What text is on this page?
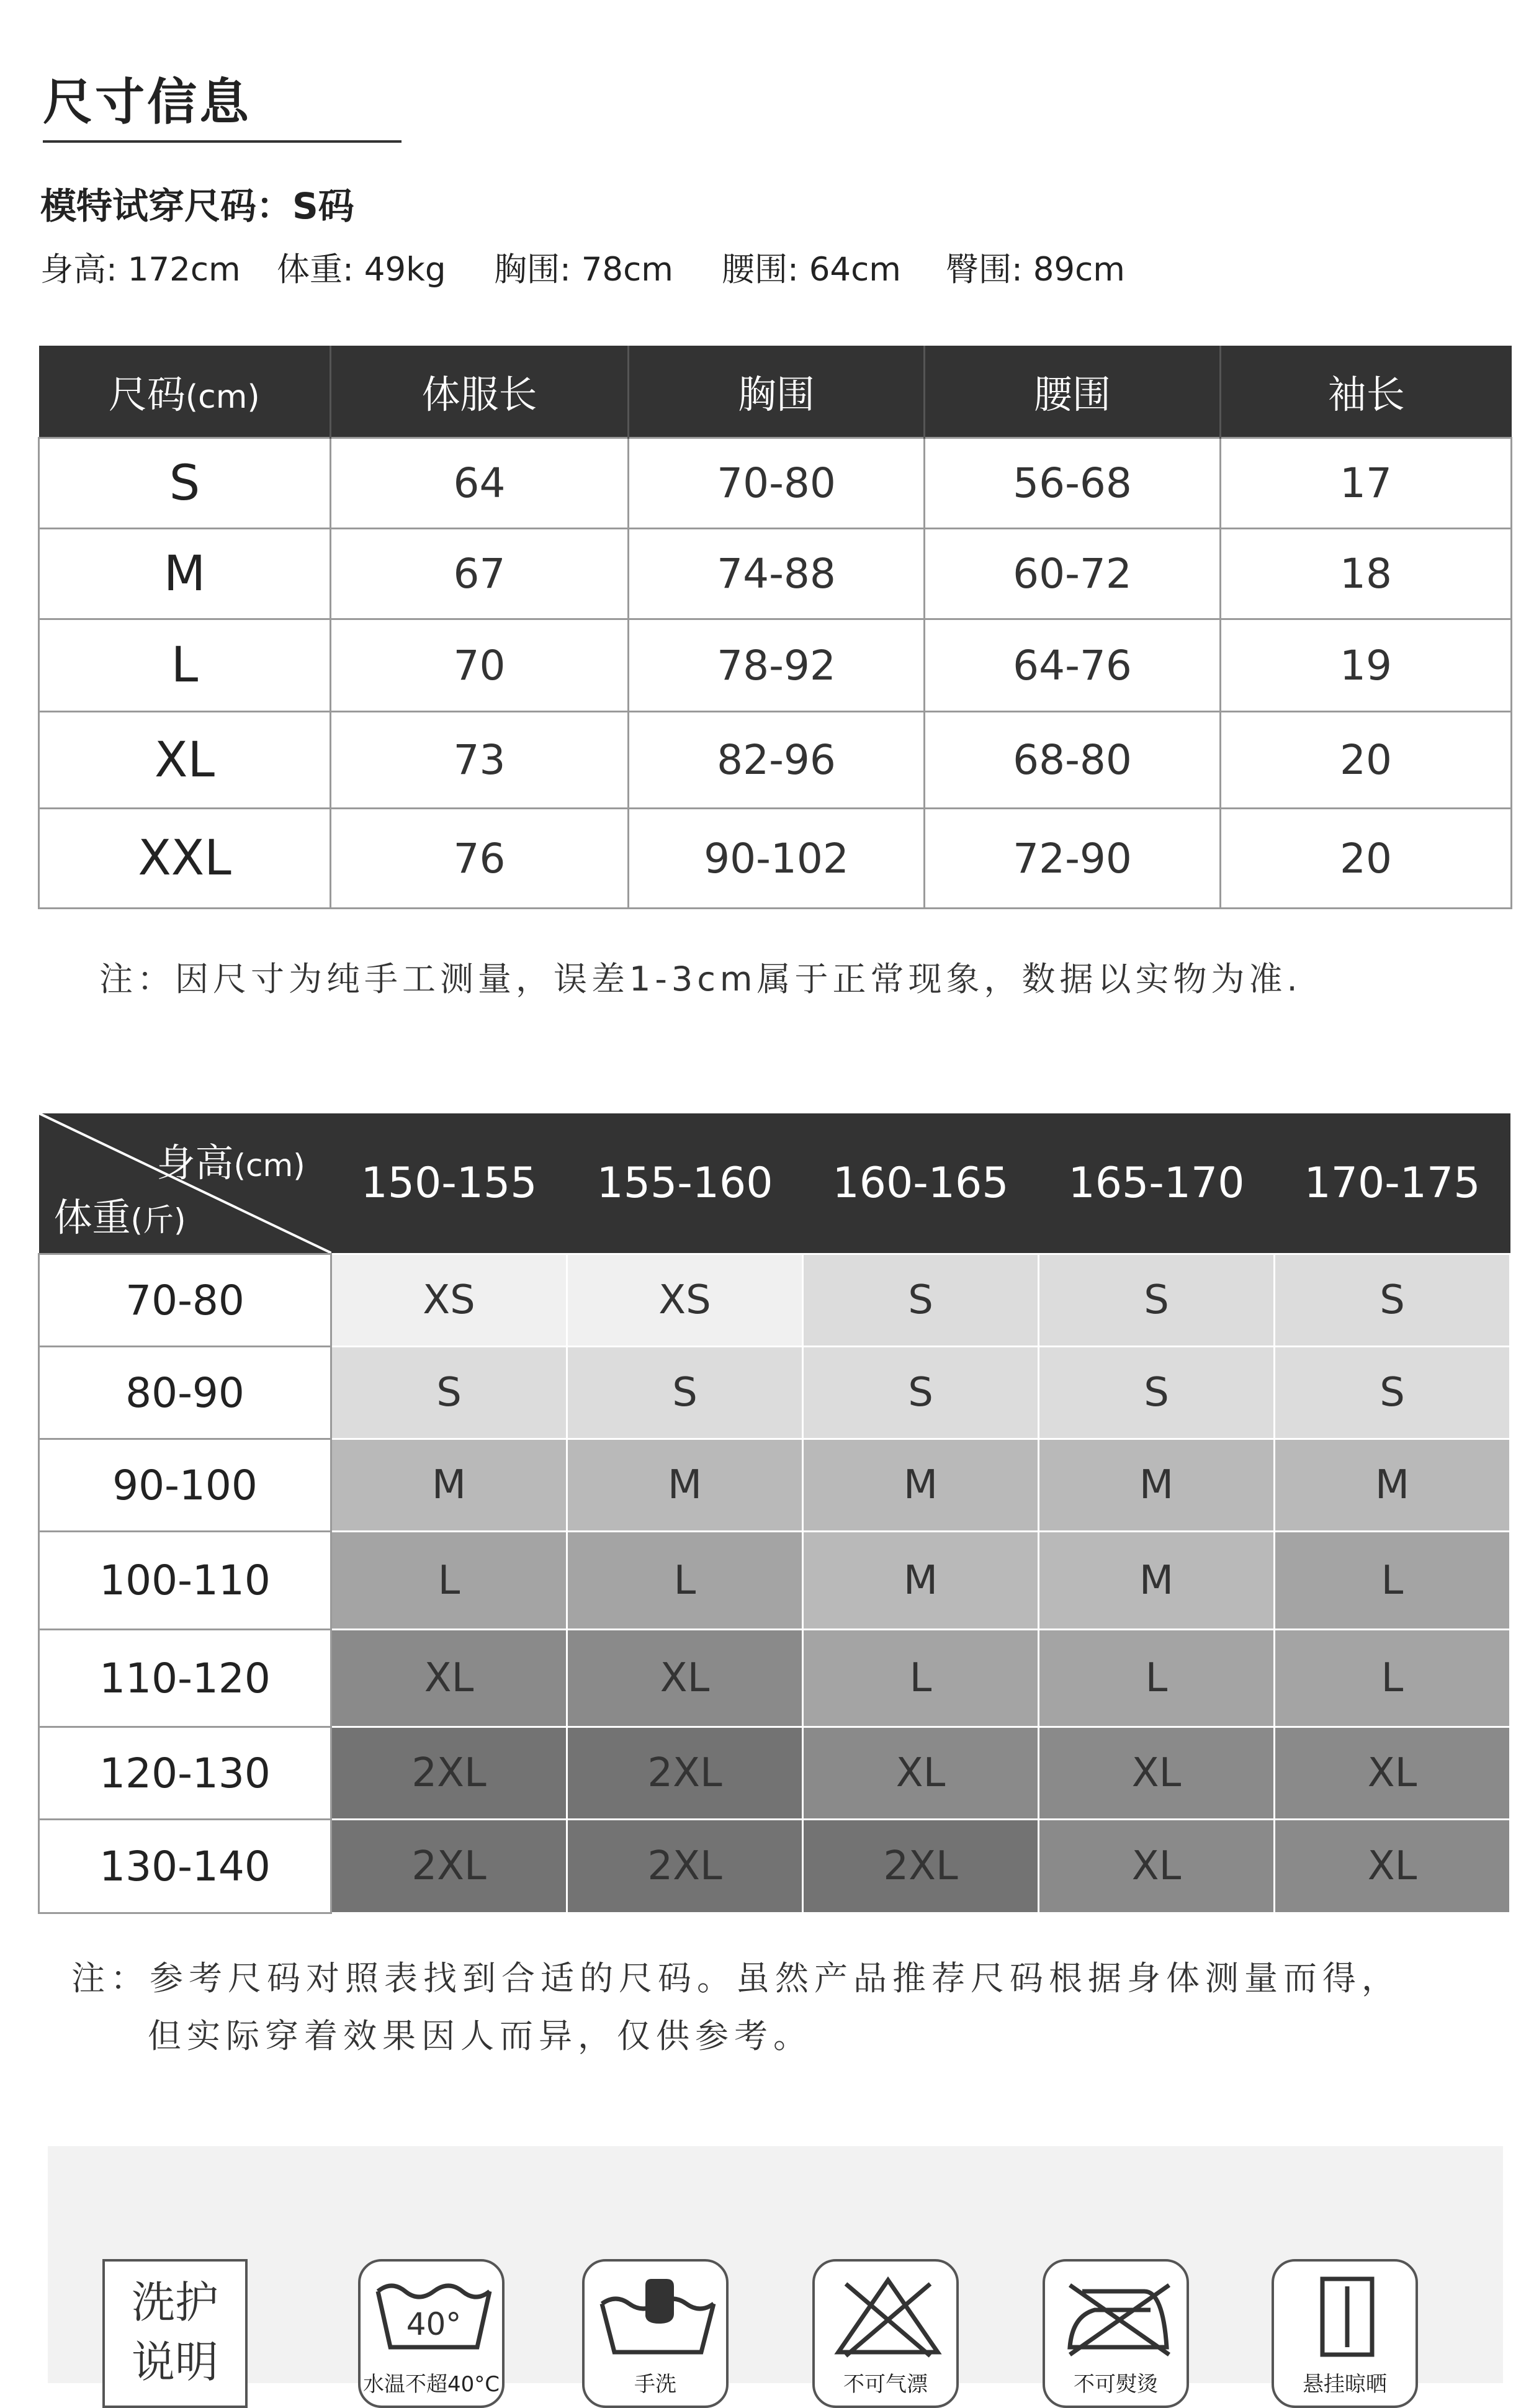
尺寸信息
模特试穿尺码：S码
身高: 172cm 体重: 49kg 胸围: 78cm 腰围: 64cm 臀围: 89cm
尺码(cm)	体服长	胸围	腰围	袖长
S	64	70-80	56-68	17
M	67	74-88	60-72	18
L	70	78-92	64-76	19
XL	73	82-96	68-80	20
XXL	76	90-102	72-90	20
注：因尺寸为纯手工测量，误差1-3cm属于正常现象，数据以实物为准.
身高(cm)
体重(斤)	150-155	155-160	160-165	165-170	170-175
70-80	XS	XS	S	S	S
80-90	S	S	S	S	S
90-100	M	M	M	M	M
100-110	L	L	M	M	L
110-120	XL	XL	L	L	L
120-130	2XL	2XL	XL	XL	XL
130-140	2XL	2XL	2XL	XL	XL
注：参考尺码对照表找到合适的尺码。虽然产品推荐尺码根据身体测量而得，
但实际穿着效果因人而异，仅供参考。
洗护
说明
40°
水温不超40°C	手洗	不可气漂	不可熨烫	悬挂晾晒
